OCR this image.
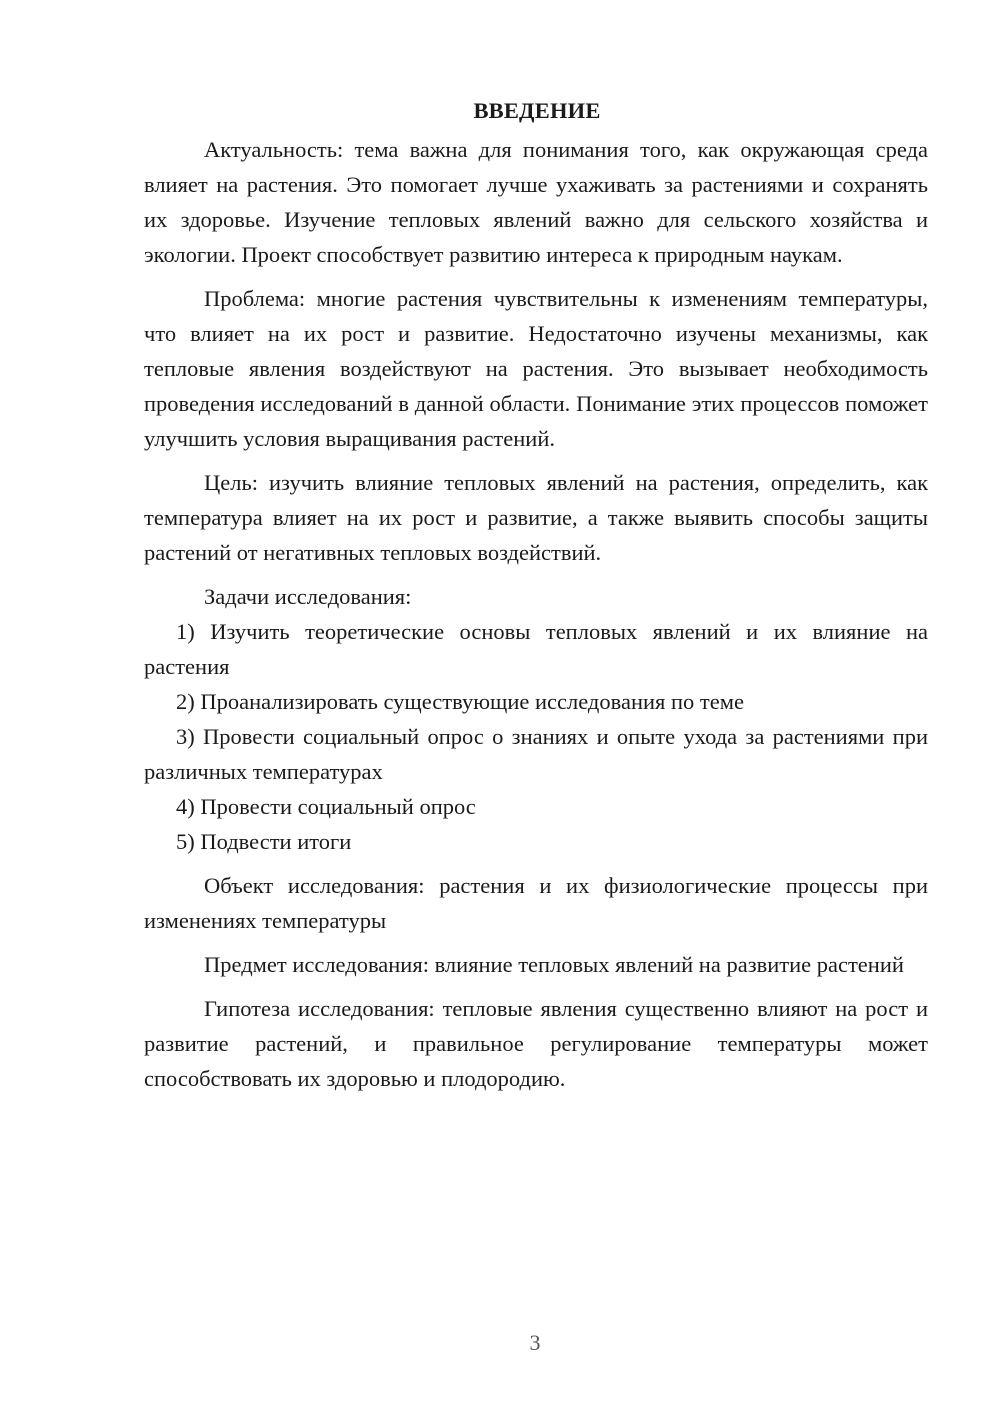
ВВЕДЕНИЕ

Актуальность: тема важна для понимания того, как окружающая среда влияет на растения. Это помогает лучше ухаживать за растениями и сохранять их здоровье. Изучение тепловых явлений важно для сельского хозяйства и экологии. Проект способствует развитию интереса к природным наукам.

Проблема: многие растения чувствительны к изменениям температуры, что влияет на их рост и развитие. Недостаточно изучены механизмы, как тепловые явления воздействуют на растения. Это вызывает необходимость проведения исследований в данной области. Понимание этих процессов поможет улучшить условия выращивания растений.

Цель: изучить влияние тепловых явлений на растения, определить, как температура влияет на их рост и развитие, а также выявить способы защиты растений от негативных тепловых воздействий.

Задачи исследования:

1) Изучить теоретические основы тепловых явлений и их влияние на растения

2) Проанализировать существующие исследования по теме

3) Провести социальный опрос о знаниях и опыте ухода за растениями при различных температурах

4) Провести социальный опрос

5) Подвести итоги

Объект исследования: растения и их физиологические процессы при изменениях температуры

Предмет исследования: влияние тепловых явлений на развитие растений

Гипотеза исследования: тепловые явления существенно влияют на рост и развитие растений, и правильное регулирование температуры может способствовать их здоровью и плодородию.

3
